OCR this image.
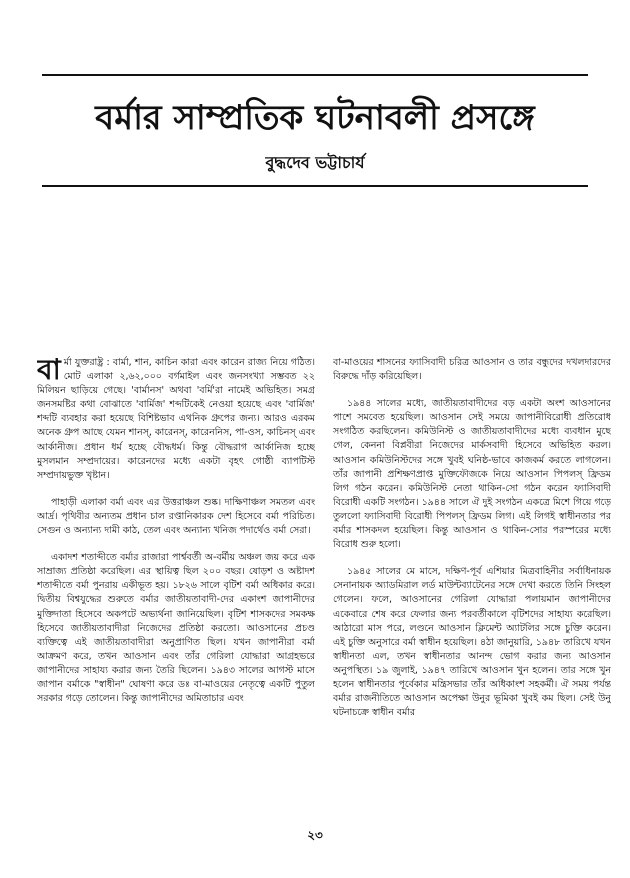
বর্মার সাম্প্রতিক ঘটনাবলী প্রসঙ্গে
বুদ্ধদেব ভট্টাচার্য

বার্মা যুক্তরাষ্ট্র : বার্মা, শান, কাচিন কারা এবং কারেন রাজ্য নিয়ে গঠিত। মোট এলাকা ২,৬২,০০০ বর্গমাইল এবং জনসংখ্যা সম্ভবত ২২ মিলিয়ন ছাড়িয়ে গেছে। 'বার্মানস' অথবা 'বর্মি'রা নামেই অভিহিত। সমগ্র জনসমষ্টির কথা বোঝাতে 'বার্মিজ' শব্দটিকেই নেওয়া হয়েছে এবং 'বার্মিজ' শব্দটি ব্যবহার করা হয়েছে বিশিষ্টভাব এথনিক গ্রুপের জন্য। আরও এরকম অনেক গ্রুপ আছে যেমন শানস্, কারেনস্, কারেননিস, পা-ওস, কাচিনস্ এবং আর্কানীজ। প্রধান ধর্ম হচ্ছে বৌদ্ধধর্ম। কিন্তু বৌদ্ধরাগ আর্কানিজ হচ্ছে মুসলমান সম্প্রদায়ের। কারেনদের মধ্যে একটা বৃহৎ গোষ্ঠী ব্যাপটিস্ট সম্প্রদায়ভুক্ত খৃষ্টান।

পাহাড়ী এলাকা বর্মা এবং এর উত্তরাঞ্চল শুষ্ক। দাক্ষিণাঞ্চল সমতল এবং আর্দ্র। পৃথিবীর অন্যতম প্রধান চাল রপ্তানিকারক দেশ হিসেবে বর্মা পরিচিত। সেগুন ও অন্যান্য দামী কাঠ, তেল এবং অন্যান্য খনিজ পদার্থেও বর্মা সেরা।

একাদশ শতাব্দীতে বর্মার রাজারা পার্শ্ববর্তী অ-বর্মীয় অঞ্চল জয় করে এক সাম্রাজ্য প্রতিষ্ঠা করেছিল। এর স্থায়িত্ব ছিল ২০০ বছর। ষোড়শ ও অষ্টাদশ শতাব্দীতে বর্মা পুনরায় একীভূত হয়। ১৮২৬ সালে বৃটিশ বর্মা অধিকার করে। দ্বিতীয় বিশ্বযুদ্ধের শুরুতে বর্মার জাতীয়তাবাদী-দের একাংশ জাপানীদের মুক্তিদাতা হিসেবে অকপটে অভ্যর্থনা জানিয়েছিল। বৃটিশ শাসকদের সমকক্ষ হিসেবে জাতীয়তাবাদীরা নিজেদের প্রতিষ্ঠা করতো। আওসানের প্রচণ্ড ব্যক্তিত্বে এই জাতীয়তাবাদীরা অনুপ্রাণিত ছিল। যখন জাপানীরা বর্মা আক্রমণ করে, তখন আওসান এবং তাঁর গেরিলা যোদ্ধারা আগ্রহভরে জাপানীদের সাহায্য করার জন্য তৈরি ছিলেন। ১৯৪৩ সালের আগস্ট মাসে জাপান বর্মাকে "স্বাধীন" ঘোষণা করে ডঃ বা-মাওয়ের নেতৃত্বে একটি পুতুল সরকার গড়ে তোলেন। কিন্তু জাপানীদের অমিতাচার এবং

বা-মাওয়ের শাসনের ফ্যাসিবাদী চরিত্র আওসান ও তার বন্ধুদের দখলদারদের বিরুদ্ধে দাঁড় করিয়েছিল।

১৯৪৪ সালের মধ্যে, জাতীয়তাবাদীদের বড় একটা অংশ আওসানের পাশে সমবেত হয়েছিল। আওসান সেই সময়ে জাপানীবিরোধী প্রতিরোধ সংগঠিত করছিলেন। কমিউনিস্ট ও জাতীয়তাবাদীদের মধ্যে ব্যবধান মুছে গেল, কেননা বিপ্লবীরা নিজেদের মার্কসবাদী হিসেবে অভিহিত করল। আওসান কমিউনিস্টদের সঙ্গে খুবই ঘনিষ্ঠ-ভাবে কাজকর্ম করতে লাগলেন। তাঁর জাপানী প্রশিক্ষণপ্রাপ্ত মুক্তিফৌজকে নিয়ে আওসান পিপলস্ ফ্রিডম লিগ গঠন করেন। কমিউনিস্ট নেতা থাকিন-সো গঠন করেন ফ্যাসিবাদী বিরোধী একটি সংগঠন। ১৯৪৪ সালে ঐ দুই সংগঠন একত্রে মিশে গিয়ে গড়ে তুললো ফ্যাসিবাদী বিরোধী পিপলস্ ফ্রিডম লিগ। এই লিগই স্বাধীনতার পর বর্মার শাসকদল হয়েছিল। কিন্তু আওসান ও থাকিন-সোর পরস্পরের মধ্যে বিরোধ শুরু হলো।

১৯৪৫ সালের মে মাসে, দক্ষিণ-পূর্ব এশিয়ার মিত্রবাহিনীর সর্বাধিনায়ক সেনানায়ক অ্যাডমিরাল লর্ড মাউন্টব্যাটেনের সঙ্গে দেখা করতে তিনি সিংহল গেলেন। ফলে, আওসানের গেরিলা যোদ্ধারা পলায়মান জাপানীদের একেবারে শেষ করে ফেলার জন্য পরবর্তীকালে বৃটিশদের সাহায্য করেছিল। আঠারো মাস পরে, লণ্ডনে আওসান ক্লিমেন্ট অ্যাটলির সঙ্গে চুক্তি করেন। এই চুক্তি অনুসারে বর্মা স্বাধীন হয়েছিল। ৪ঠা জানুয়ারি, ১৯৪৮ তারিখে যখন স্বাধীনতা এল, তখন স্বাধীনতার আনন্দ ভোগ করার জন্য আওসান অনুপস্থিত। ১৯ জুলাই, ১৯৪৭ তারিখে আওসান খুন হলেন। তার সঙ্গে খুন হলেন স্বাধীনতার পূর্বেকার মন্ত্রিসভার তাঁর অধিকাংশ সহকর্মী। ঐ সময় পর্যন্ত বর্মার রাজনীতিতে আওসান অপেক্ষা উনুর ভূমিকা খুবই কম ছিল। সেই উনু ঘটনাচক্রে স্বাধীন বর্মার

২৩
